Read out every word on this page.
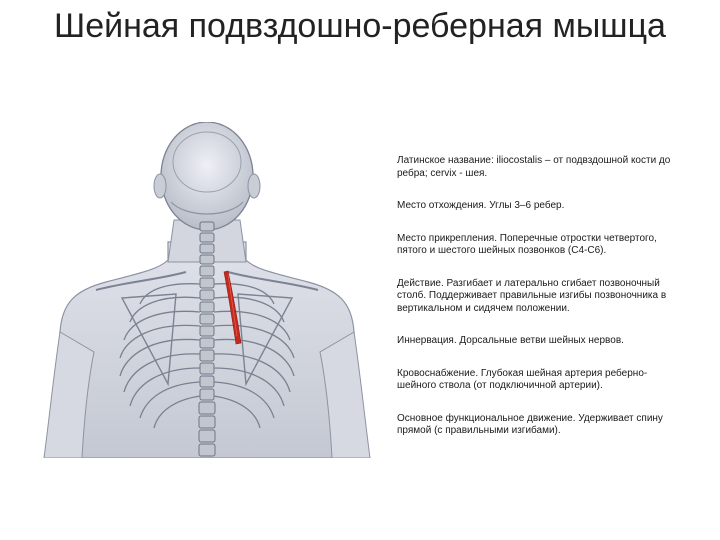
Шейная подвздошно-реберная мышца

Латинское название: iliocostalis – от подвздошной кости до ребра; cervix - шея.

Место отхождения. Углы 3–6 ребер.

Место прикрепления. Поперечные отростки четвертого, пятого и шестого шейных позвонков (С4-С6).

Действие. Разгибает и латерально сгибает позвоночный столб. Поддерживает правильные изгибы позвоночника в вертикальном и сидячем положении.

Иннервация. Дорсальные ветви шейных нервов.

Кровоснабжение. Глубокая шейная артерия реберно-шейного ствола (от подключичной артерии).

Основное функциональное движение. Удерживает спину прямой (с правильными изгибами).
